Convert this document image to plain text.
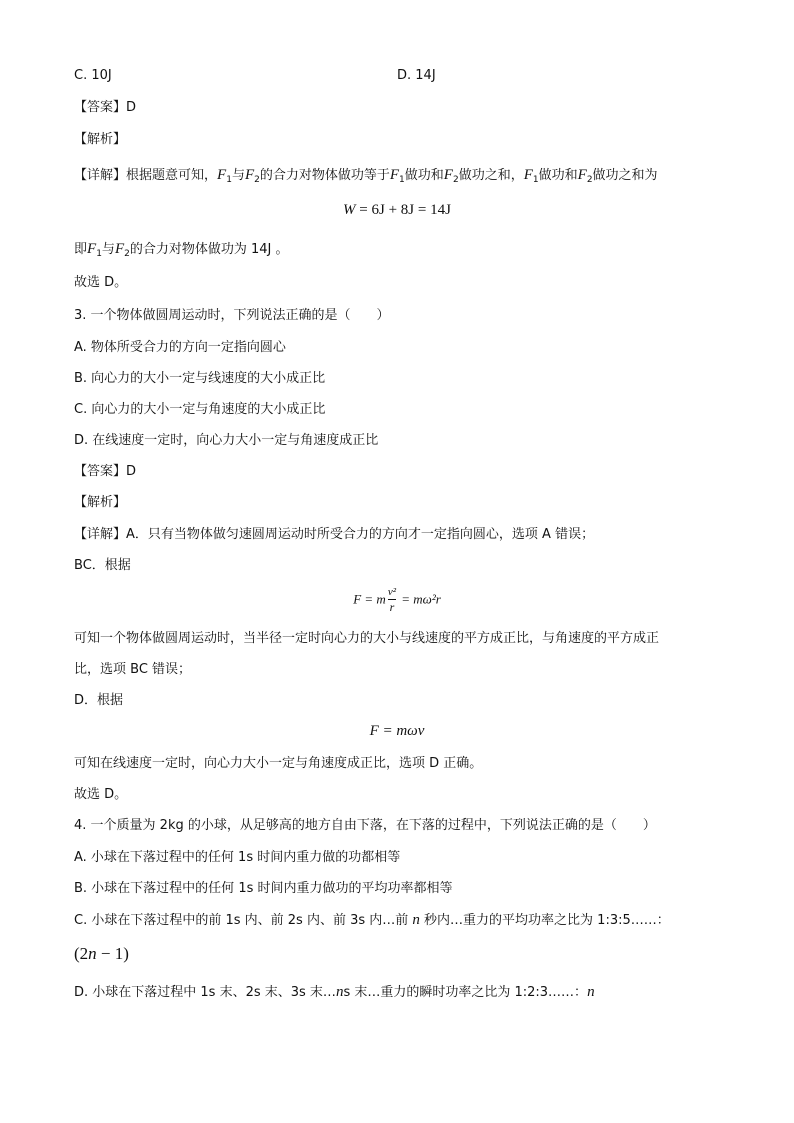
C. 10J	D. 14J
【答案】D
【解析】
【详解】根据题意可知，$F_1$与$F_2$的合力对物体做功等于$F_1$做功和$F_2$做功之和，$F_1$做功和$F_2$做功之和为
W = 6J + 8J = 14J
即$F_1$与$F_2$的合力对物体做功为 14J 。
故选 D。
3. 一个物体做圆周运动时，下列说法正确的是（　　）
A. 物体所受合力的方向一定指向圆心
B. 向心力的大小一定与线速度的大小成正比
C. 向心力的大小一定与角速度的大小成正比
D. 在线速度一定时，向心力大小一定与角速度成正比
【答案】D
【解析】
【详解】A．只有当物体做匀速圆周运动时所受合力的方向才一定指向圆心，选项 A 错误；
BC．根据
F = m $\frac{\text{v²}}{r} = m\omega^2r$
可知一个物体做圆周运动时，当半径一定时向心力的大小与线速度的平方成正比，与角速度的平方成正
比，选项 BC 错误；
D．根据
F = mωv
可知在线速度一定时，向心力大小一定与角速度成正比，选项 D 正确。
故选 D。
4. 一个质量为 2kg 的小球，从足够高的地方自由下落，在下落的过程中，下列说法正确的是（　　）
A. 小球在下落过程中的任何 1s 时间内重力做的功都相等
B. 小球在下落过程中的任何 1s 时间内重力做功的平均功率都相等
C. 小球在下落过程中的前 1s 内、前 2s 内、前 3s 内…前 n 秒内…重力的平均功率之比为 1:3:5……：
(2n − 1)
D. 小球在下落过程中 1s 末、2s 末、3s 末…ns 末…重力的瞬时功率之比为 1:2:3……：n
